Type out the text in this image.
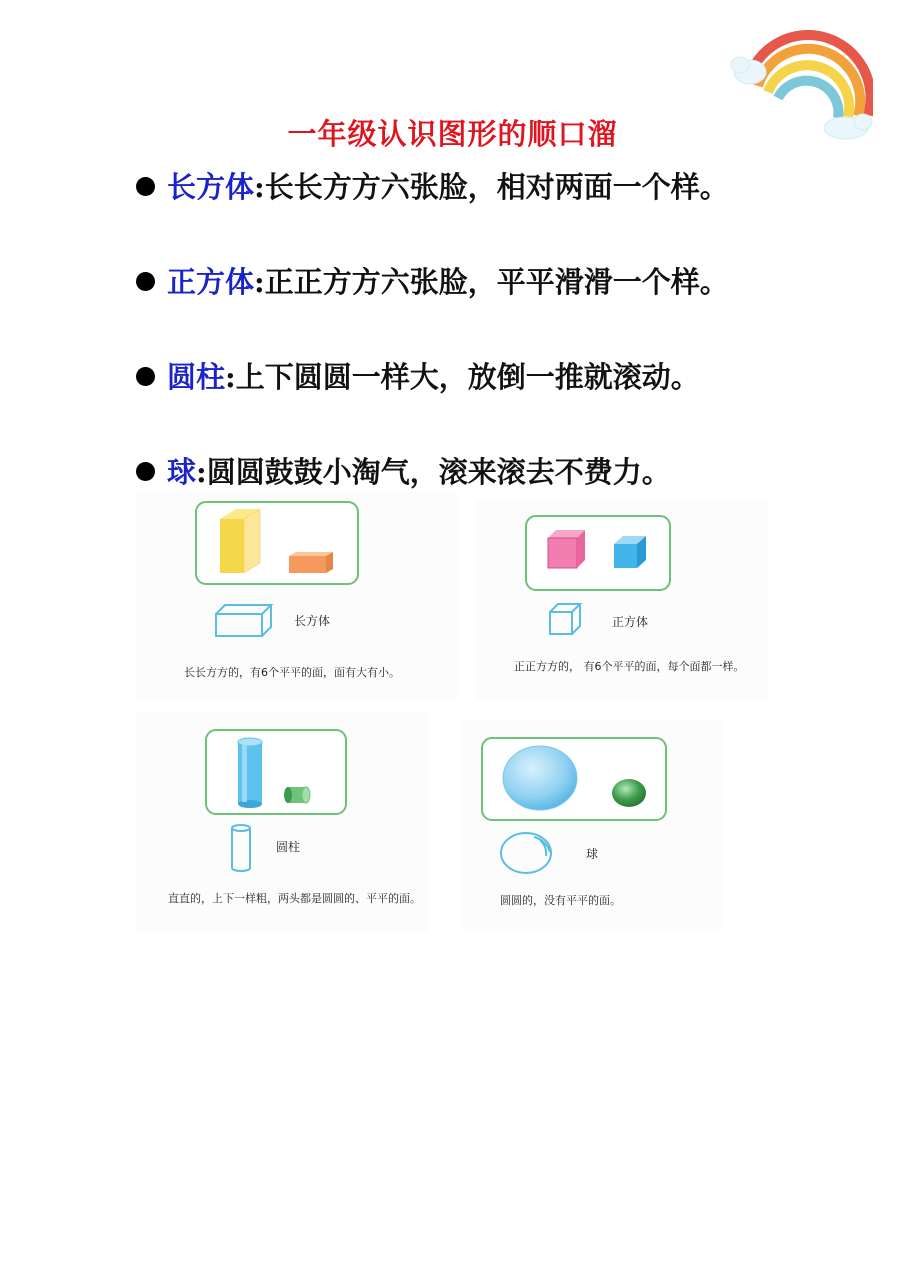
一年级认识图形的顺口溜
长方体:长长方方六张脸，相对两面一个样。
正方体:正正方方六张脸，平平滑滑一个样。
圆柱:上下圆圆一样大，放倒一推就滚动。
球:圆圆鼓鼓小淘气，滚来滚去不费力。
长方体
长长方方的，有6个平平的面，面有大有小。
正方体
正正方方的， 有6个平平的面，每个面都一样。
圆柱
直直的，上下一样粗，两头都是圆圆的、平平的面。
球
圆圆的，没有平平的面。
